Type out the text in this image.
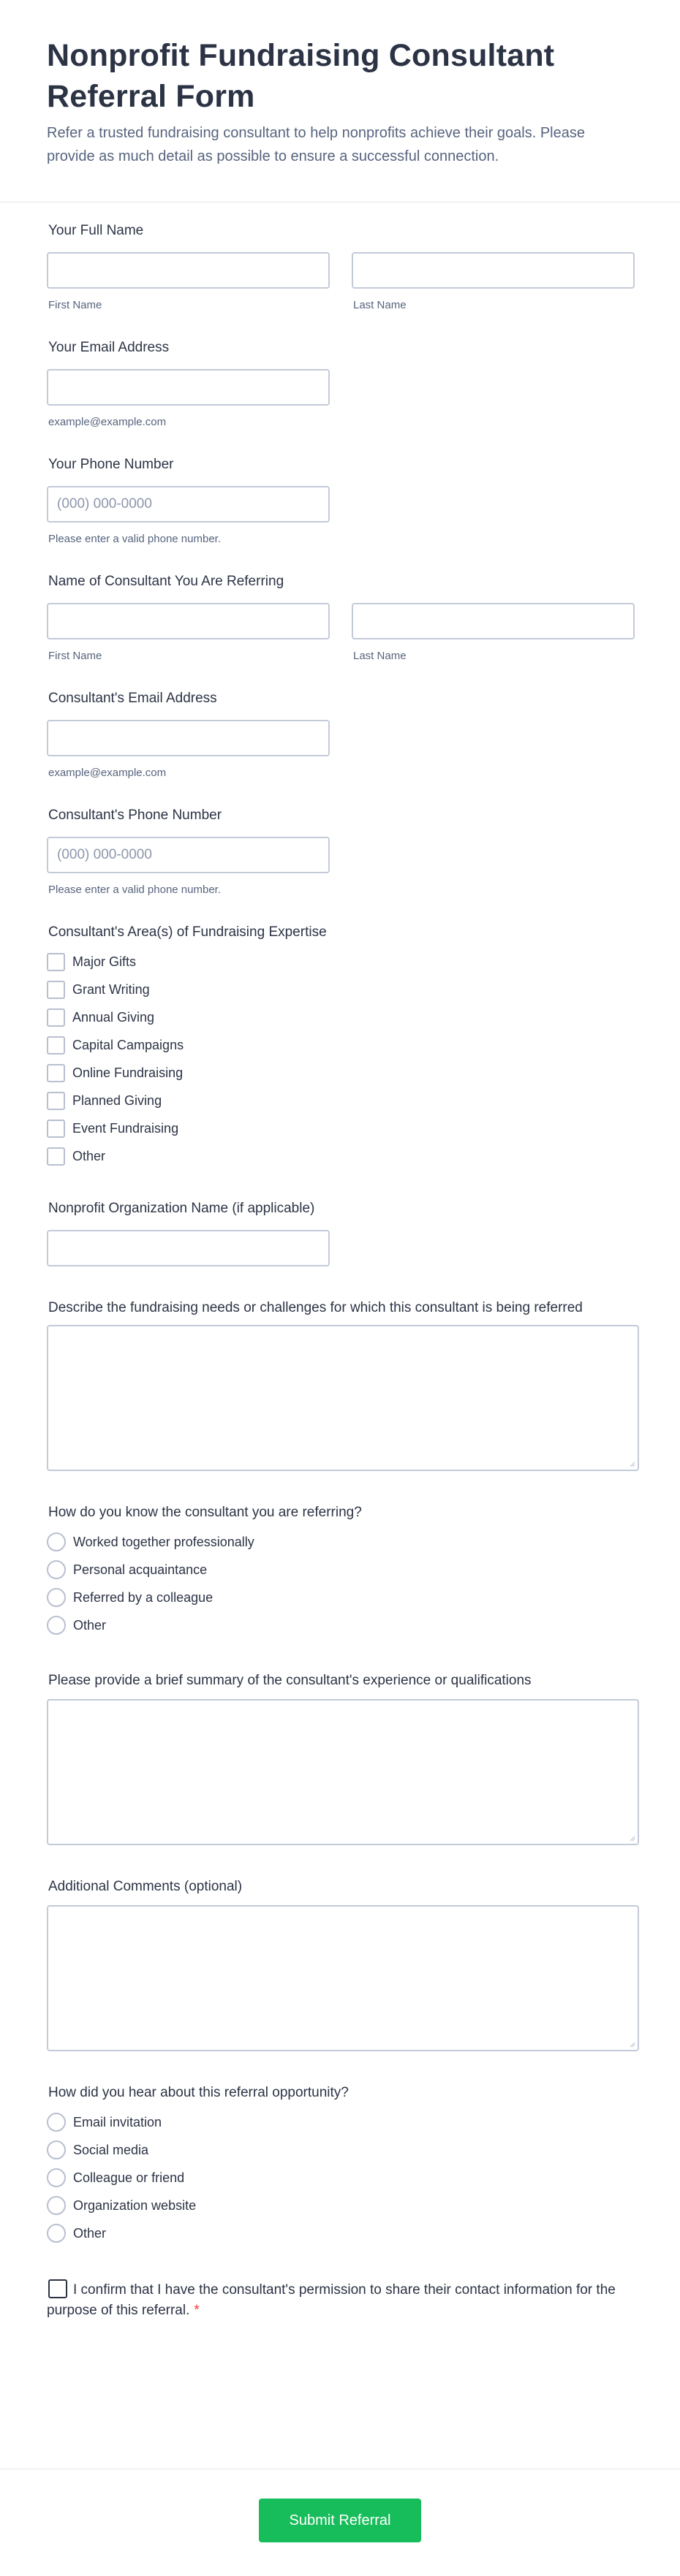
Nonprofit Fundraising Consultant Referral Form

Refer a trusted fundraising consultant to help nonprofits achieve their goals. Please provide as much detail as possible to ensure a successful connection.

Your Full Name
First Name	Last Name
Your Email Address
example@example.com
Your Phone Number
(000) 000-0000
Please enter a valid phone number.
Name of Consultant You Are Referring
First Name	Last Name
Consultant's Email Address
example@example.com
Consultant's Phone Number
(000) 000-0000
Please enter a valid phone number.
Consultant's Area(s) of Fundraising Expertise
Major Gifts
Grant Writing
Annual Giving
Capital Campaigns
Online Fundraising
Planned Giving
Event Fundraising
Other
Nonprofit Organization Name (if applicable)
Describe the fundraising needs or challenges for which this consultant is being referred
How do you know the consultant you are referring?
Worked together professionally
Personal acquaintance
Referred by a colleague
Other
Please provide a brief summary of the consultant's experience or qualifications
Additional Comments (optional)
How did you hear about this referral opportunity?
Email invitation
Social media
Colleague or friend
Organization website
Other
I confirm that I have the consultant's permission to share their contact information for the purpose of this referral. *
Submit Referral
